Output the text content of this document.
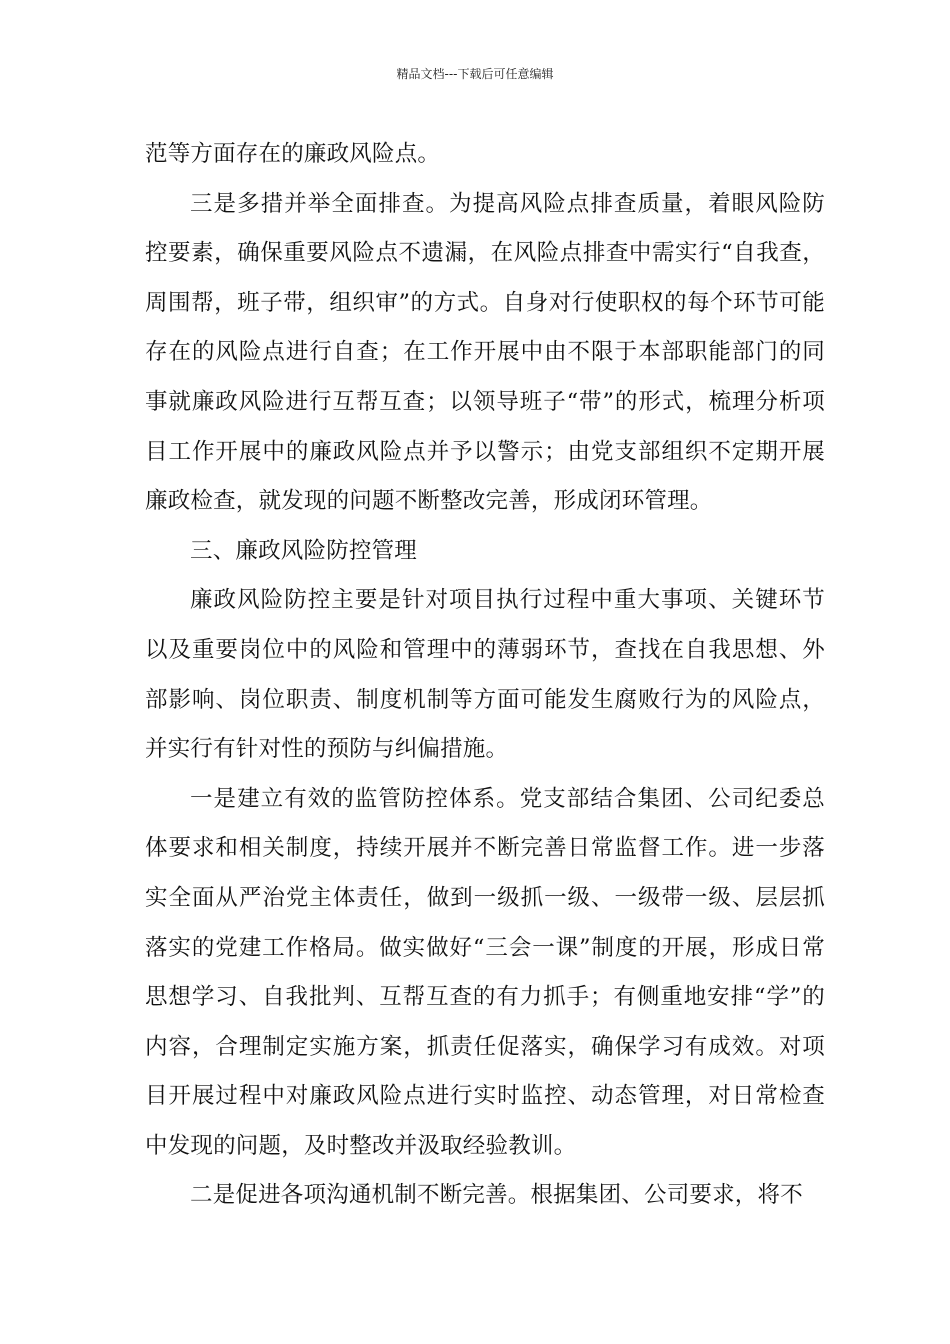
精品文档---下载后可任意编辑

范等方面存在的廉政风险点。

三是多措并举全面排查。为提高风险点排查质量，着眼风险防控要素，确保重要风险点不遗漏，在风险点排查中需实行“自我查，周围帮，班子带，组织审”的方式。自身对行使职权的每个环节可能存在的风险点进行自查；在工作开展中由不限于本部职能部门的同事就廉政风险进行互帮互查；以领导班子“带”的形式，梳理分析项目工作开展中的廉政风险点并予以警示；由党支部组织不定期开展廉政检查，就发现的问题不断整改完善，形成闭环管理。

三、廉政风险防控管理

廉政风险防控主要是针对项目执行过程中重大事项、关键环节以及重要岗位中的风险和管理中的薄弱环节，查找在自我思想、外部影响、岗位职责、制度机制等方面可能发生腐败行为的风险点，并实行有针对性的预防与纠偏措施。

一是建立有效的监管防控体系。党支部结合集团、公司纪委总体要求和相关制度，持续开展并不断完善日常监督工作。进一步落实全面从严治党主体责任，做到一级抓一级、一级带一级、层层抓落实的党建工作格局。做实做好“三会一课”制度的开展，形成日常思想学习、自我批判、互帮互查的有力抓手；有侧重地安排“学”的内容，合理制定实施方案，抓责任促落实，确保学习有成效。对项目开展过程中对廉政风险点进行实时监控、动态管理，对日常检查中发现的问题，及时整改并汲取经验教训。

二是促进各项沟通机制不断完善。根据集团、公司要求，将不
